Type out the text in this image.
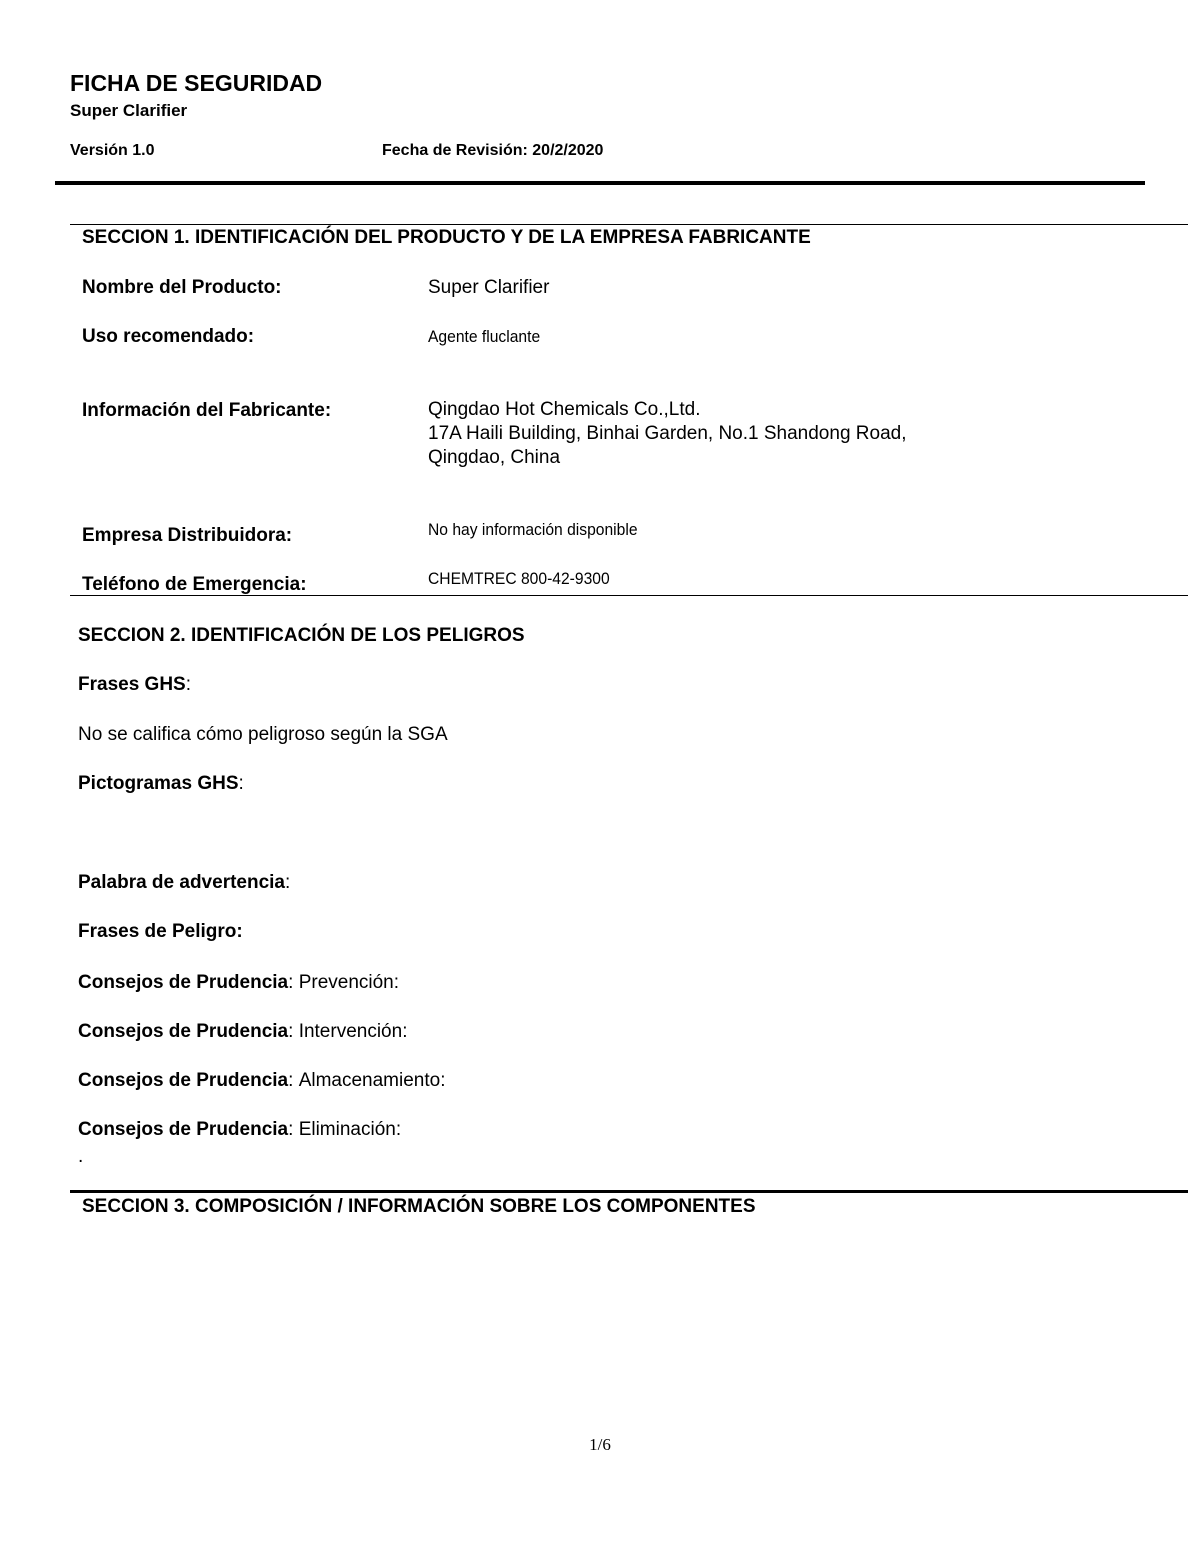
FICHA DE SEGURIDAD
Super Clarifier
Versión 1.0	Fecha de Revisión: 20/2/2020
SECCION 1. IDENTIFICACIÓN DEL PRODUCTO Y DE LA EMPRESA FABRICANTE
Nombre del Producto:	Super Clarifier
Uso recomendado:	Agente fluclante
Información del Fabricante:	Qingdao Hot Chemicals Co.,Ltd.
17A Haili Building, Binhai Garden, No.1 Shandong Road,
Qingdao, China
Empresa Distribuidora:	No hay información disponible
Teléfono de Emergencia:	CHEMTREC 800-42-9300
SECCION 2. IDENTIFICACIÓN DE LOS PELIGROS
Frases GHS:
No se califica cómo peligroso según la SGA
Pictogramas GHS:
Palabra de advertencia:
Frases de Peligro:
Consejos de Prudencia: Prevención:
Consejos de Prudencia: Intervención:
Consejos de Prudencia: Almacenamiento:
Consejos de Prudencia: Eliminación:
.
SECCION 3. COMPOSICIÓN / INFORMACIÓN SOBRE LOS COMPONENTES
1/6
